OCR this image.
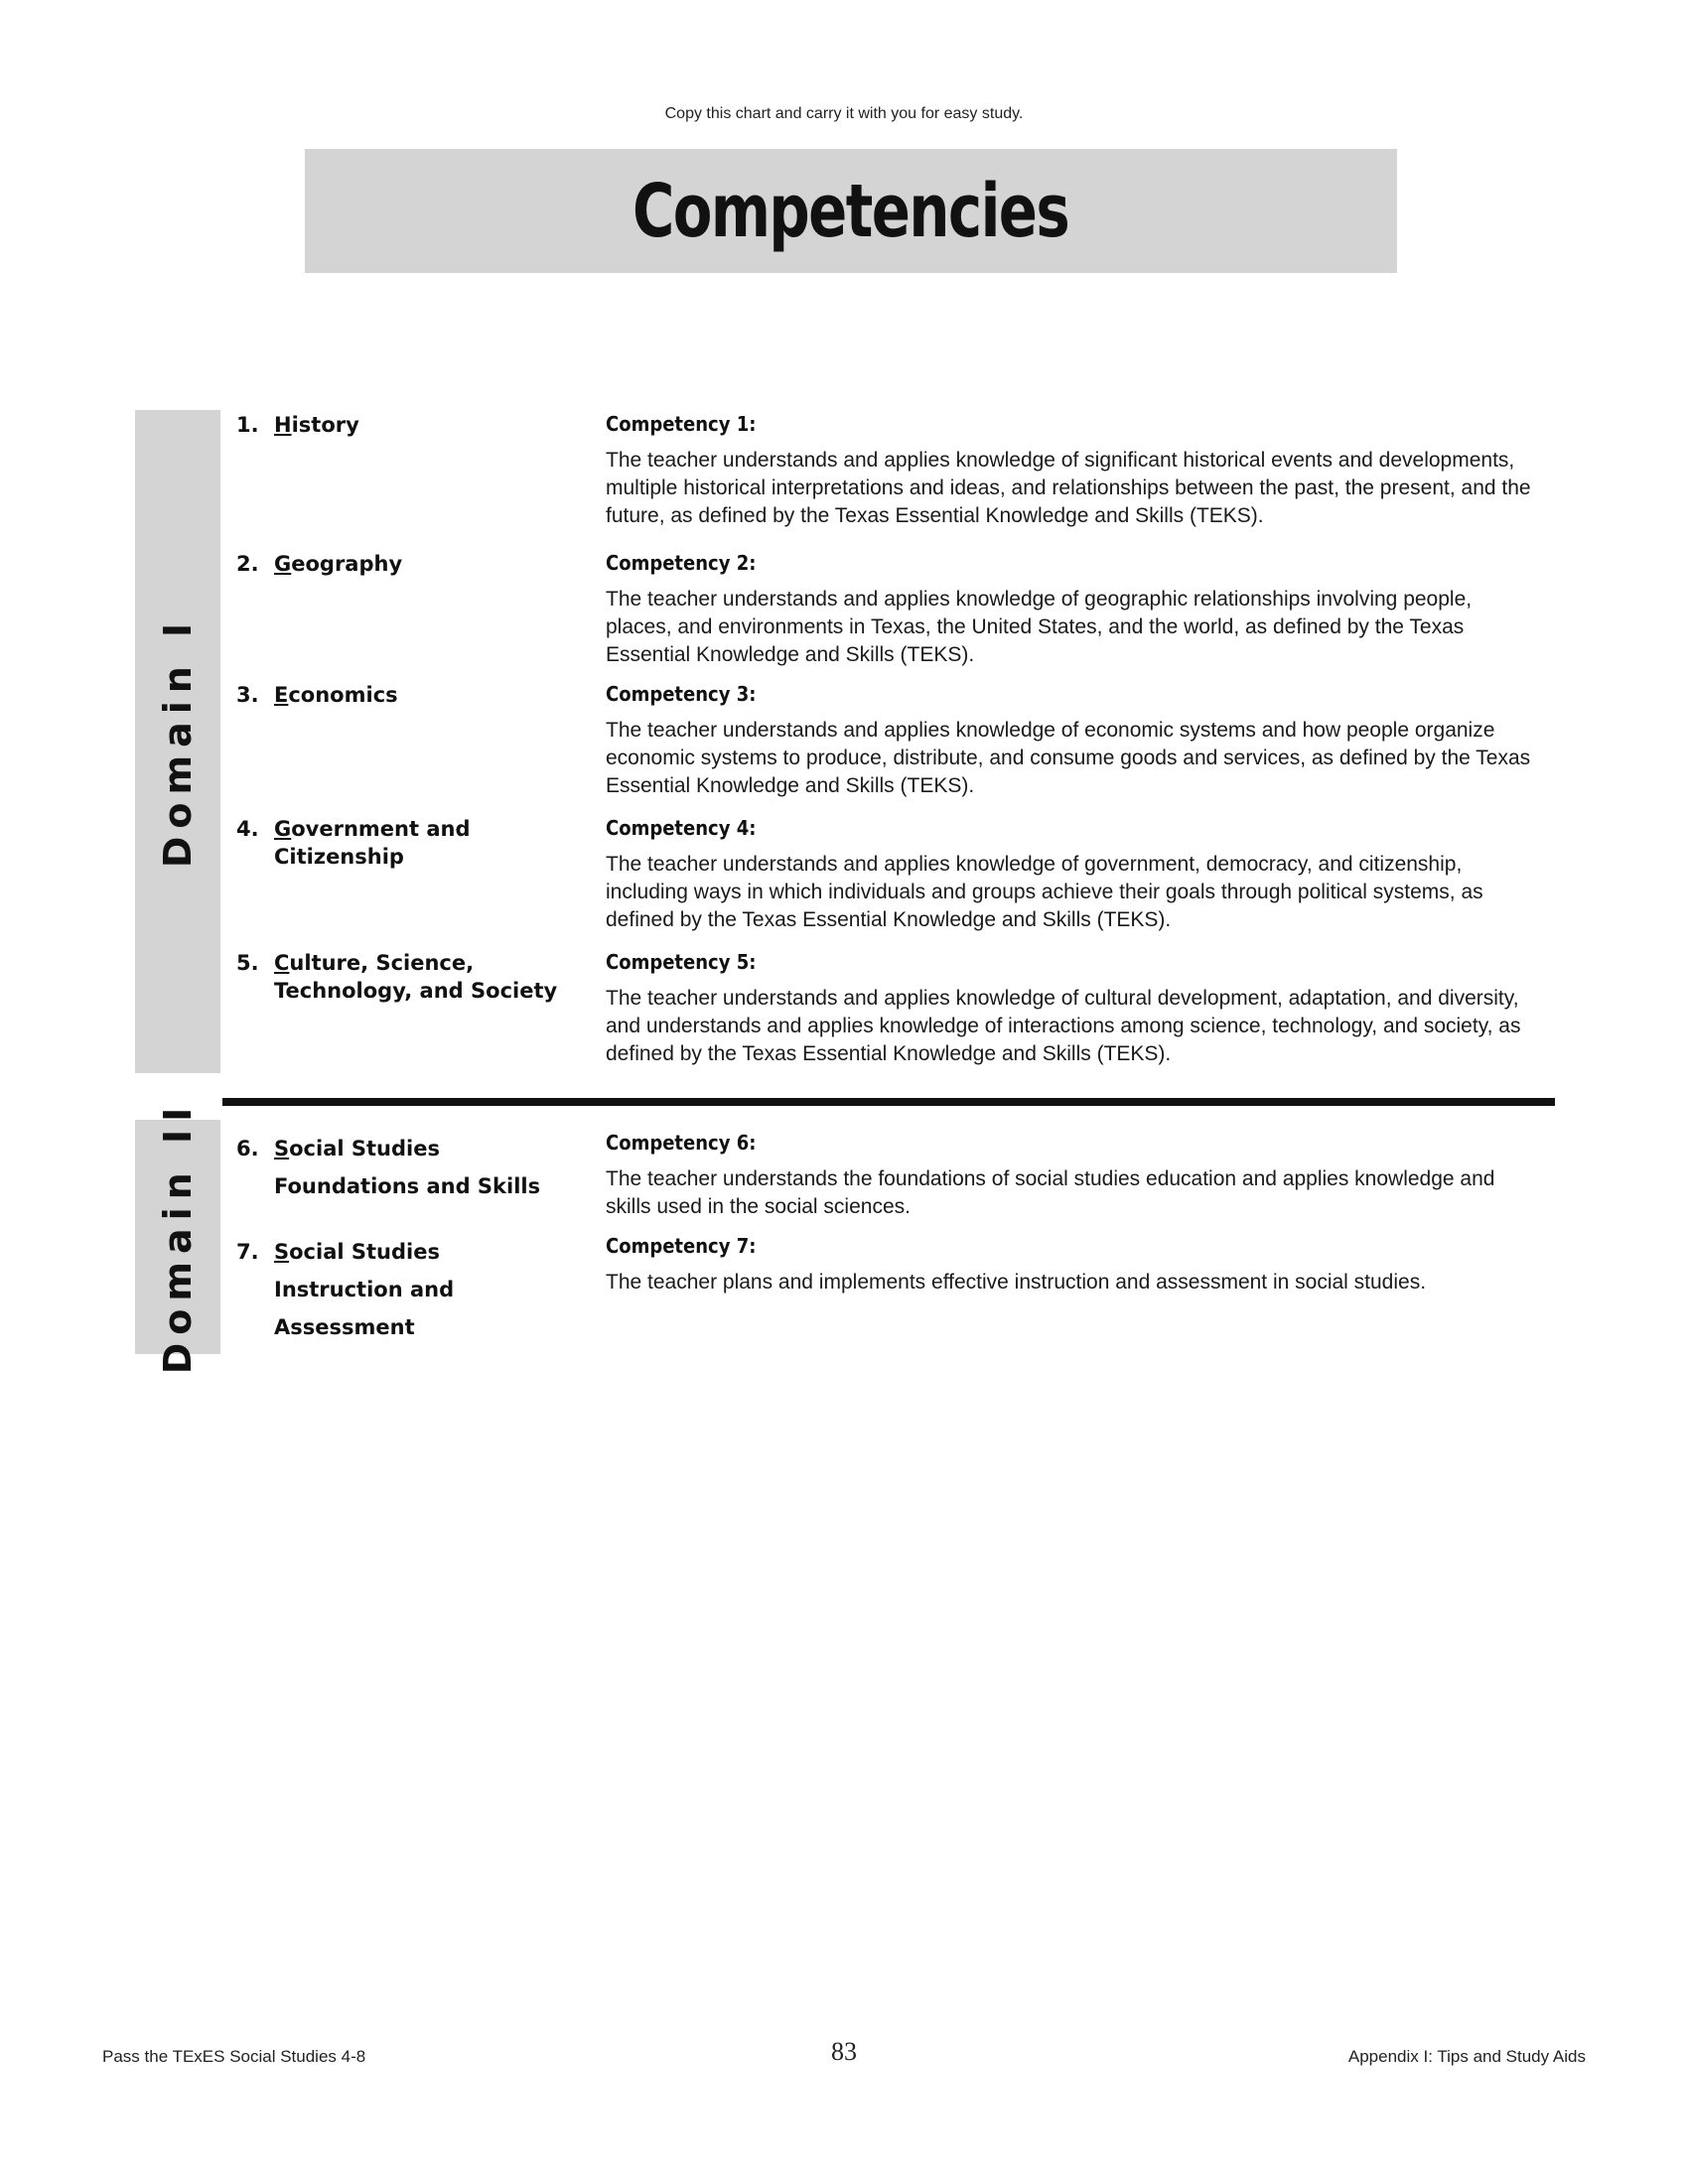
Copy this chart and carry it with you for easy study.
Competencies
Domain I
Domain II
1. History	Competency 1:
The teacher understands and applies knowledge of significant historical events and developments, multiple historical interpretations and ideas, and relationships between the past, the present, and the future, as defined by the Texas Essential Knowledge and Skills (TEKS).
2. Geography	Competency 2:
The teacher understands and applies knowledge of geographic relationships involving people, places, and environments in Texas, the United States, and the world, as defined by the Texas Essential Knowledge and Skills (TEKS).
3. Economics	Competency 3:
The teacher understands and applies knowledge of economic systems and how people organize economic systems to produce, distribute, and consume goods and services, as defined by the Texas Essential Knowledge and Skills (TEKS).
4. Government and Citizenship
Competency 4:
The teacher understands and applies knowledge of government, democracy, and citizenship, including ways in which individuals and groups achieve their goals through political systems, as defined by the Texas Essential Knowledge and Skills (TEKS).
5. Culture, Science, Technology, and Society
Competency 5:
The teacher understands and applies knowledge of cultural development, adaptation, and diversity, and understands and applies knowledge of interactions among science, technology, and society, as defined by the Texas Essential Knowledge and Skills (TEKS).
6. Social Studies Foundations and Skills
Competency 6:
The teacher understands the foundations of social studies education and applies knowledge and skills used in the social sciences.
7. Social Studies Instruction and Assessment
Competency 7:
The teacher plans and implements effective instruction and assessment in social studies.
Pass the TExES Social Studies 4-8	83	Appendix I: Tips and Study Aids
